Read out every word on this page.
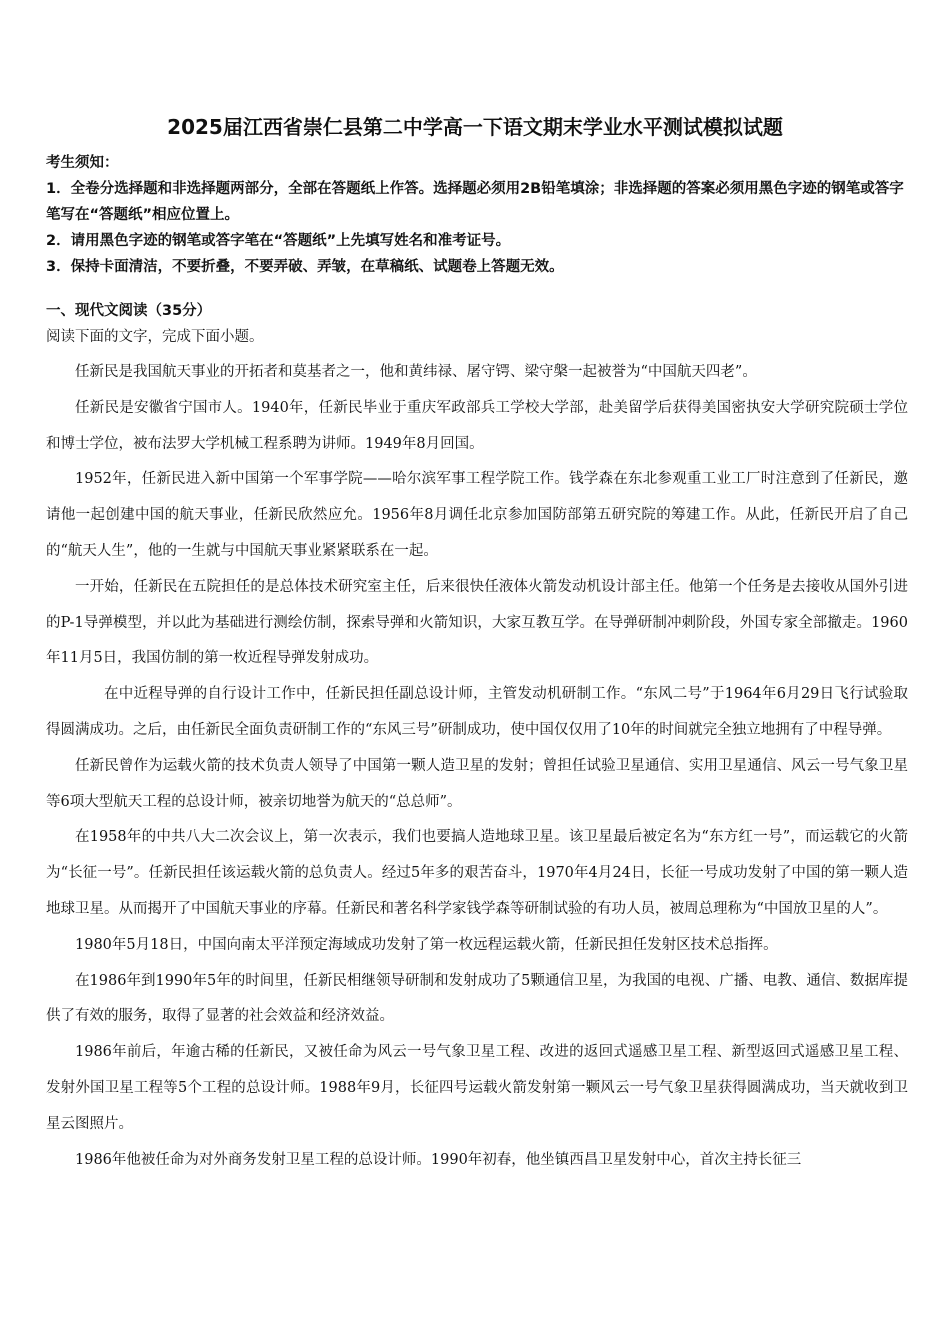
2025届江西省崇仁县第二中学高一下语文期末学业水平测试模拟试题

考生须知：

1．全卷分选择题和非选择题两部分，全部在答题纸上作答。选择题必须用2B铅笔填涂；非选择题的答案必须用黑色字迹的钢笔或答字笔写在“答题纸”相应位置上。

2．请用黑色字迹的钢笔或答字笔在“答题纸”上先填写姓名和准考证号。

3．保持卡面清洁，不要折叠，不要弄破、弄皱，在草稿纸、试题卷上答题无效。

一、现代文阅读（35分）

阅读下面的文字，完成下面小题。

任新民是我国航天事业的开拓者和莫基者之一，他和黄纬禄、屠守锷、梁守槃一起被誉为“中国航天四老”。

任新民是安徽省宁国市人。1940年，任新民毕业于重庆军政部兵工学校大学部，赴美留学后获得美国密执安大学研究院硕士学位和博士学位，被布法罗大学机械工程系聘为讲师。1949年8月回国。

1952年，任新民进入新中国第一个军事学院——哈尔滨军事工程学院工作。钱学森在东北参观重工业工厂时注意到了任新民，邀请他一起创建中国的航天事业，任新民欣然应允。1956年8月调任北京参加国防部第五研究院的筹建工作。从此，任新民开启了自己的“航天人生”，他的一生就与中国航天事业紧紧联系在一起。

一开始，任新民在五院担任的是总体技术研究室主任，后来很快任液体火箭发动机设计部主任。他第一个任务是去接收从国外引进的P-1导弹模型，并以此为基础进行测绘仿制，探索导弹和火箭知识，大家互教互学。在导弹研制冲刺阶段，外国专家全部撤走。1960年11月5日，我国仿制的第一枚近程导弹发射成功。

在中近程导弹的自行设计工作中，任新民担任副总设计师，主管发动机研制工作。“东风二号”于1964年6月29日飞行试验取得圆满成功。之后，由任新民全面负责研制工作的“东风三号”研制成功，使中国仅仅用了10年的时间就完全独立地拥有了中程导弹。

任新民曾作为运载火箭的技术负责人领导了中国第一颗人造卫星的发射；曾担任试验卫星通信、实用卫星通信、风云一号气象卫星等6项大型航天工程的总设计师，被亲切地誉为航天的“总总师”。

在1958年的中共八大二次会议上，第一次表示，我们也要搞人造地球卫星。该卫星最后被定名为“东方红一号”，而运载它的火箭为“长征一号”。任新民担任该运载火箭的总负责人。经过5年多的艰苦奋斗，1970年4月24日，长征一号成功发射了中国的第一颗人造地球卫星。从而揭开了中国航天事业的序幕。任新民和著名科学家钱学森等研制试验的有功人员，被周总理称为“中国放卫星的人”。

1980年5月18日，中国向南太平洋预定海域成功发射了第一枚远程运载火箭，任新民担任发射区技术总指挥。

在1986年到1990年5年的时间里，任新民相继领导研制和发射成功了5颗通信卫星，为我国的电视、广播、电教、通信、数据库提供了有效的服务，取得了显著的社会效益和经济效益。

1986年前后，年逾古稀的任新民，又被任命为风云一号气象卫星工程、改进的返回式遥感卫星工程、新型返回式遥感卫星工程、发射外国卫星工程等5个工程的总设计师。1988年9月，长征四号运载火箭发射第一颗风云一号气象卫星获得圆满成功，当天就收到卫星云图照片。

1986年他被任命为对外商务发射卫星工程的总设计师。1990年初春，他坐镇西昌卫星发射中心，首次主持长征三
